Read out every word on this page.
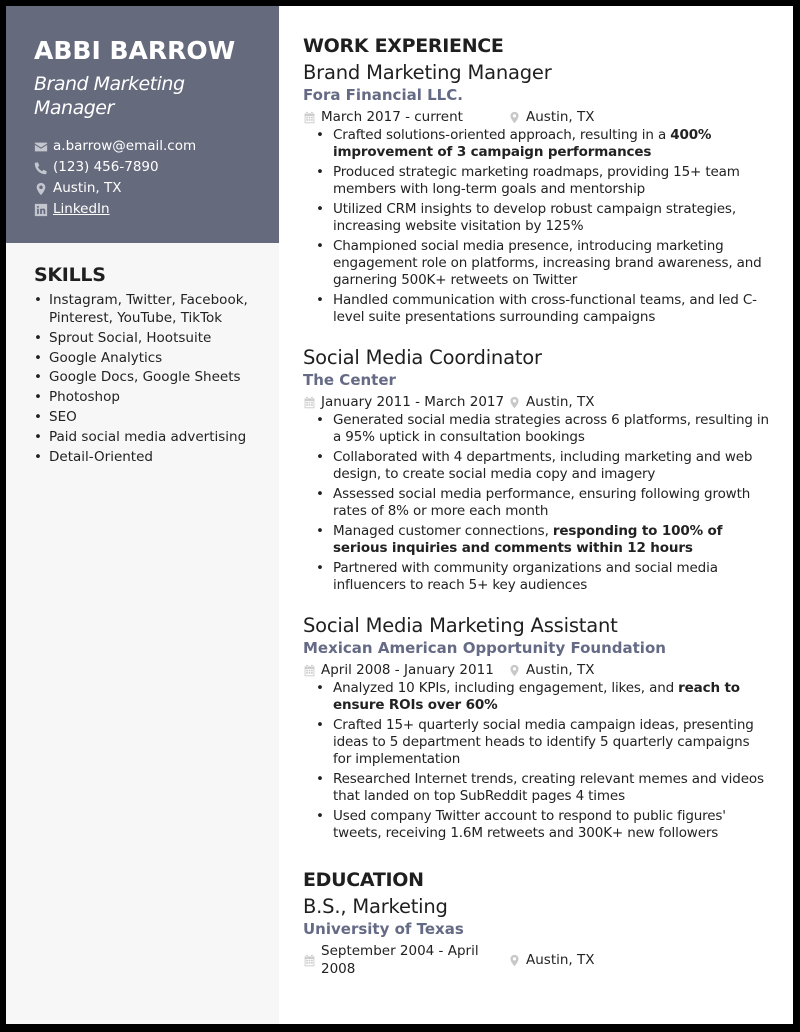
ABBI BARROW
Brand Marketing Manager
a.barrow@email.com
(123) 456-7890
Austin, TX
LinkedIn
SKILLS
• Instagram, Twitter, Facebook, Pinterest, YouTube, TikTok
• Sprout Social, Hootsuite
• Google Analytics
• Google Docs, Google Sheets
• Photoshop
• SEO
• Paid social media advertising
• Detail-Oriented
WORK EXPERIENCE
Brand Marketing Manager
Fora Financial LLC.
March 2017 - current	Austin, TX
• Crafted solutions-oriented approach, resulting in a 400% improvement of 3 campaign performances
• Produced strategic marketing roadmaps, providing 15+ team members with long-term goals and mentorship
• Utilized CRM insights to develop robust campaign strategies, increasing website visitation by 125%
• Championed social media presence, introducing marketing engagement role on platforms, increasing brand awareness, and garnering 500K+ retweets on Twitter
• Handled communication with cross-functional teams, and led C-level suite presentations surrounding campaigns
Social Media Coordinator
The Center
January 2011 - March 2017 Austin, TX
• Generated social media strategies across 6 platforms, resulting in a 95% uptick in consultation bookings
• Collaborated with 4 departments, including marketing and web design, to create social media copy and imagery
• Assessed social media performance, ensuring following growth rates of 8% or more each month
• Managed customer connections, responding to 100% of serious inquiries and comments within 12 hours
• Partnered with community organizations and social media influencers to reach 5+ key audiences
Social Media Marketing Assistant
Mexican American Opportunity Foundation
April 2008 - January 2011 Austin, TX
• Analyzed 10 KPIs, including engagement, likes, and reach to ensure ROIs over 60%
• Crafted 15+ quarterly social media campaign ideas, presenting ideas to 5 department heads to identify 5 quarterly campaigns for implementation
• Researched Internet trends, creating relevant memes and videos that landed on top SubReddit pages 4 times
• Used company Twitter account to respond to public figures' tweets, receiving 1.6M retweets and 300K+ new followers
EDUCATION
B.S., Marketing
University of Texas
September 2004 - April 2008
Austin, TX
